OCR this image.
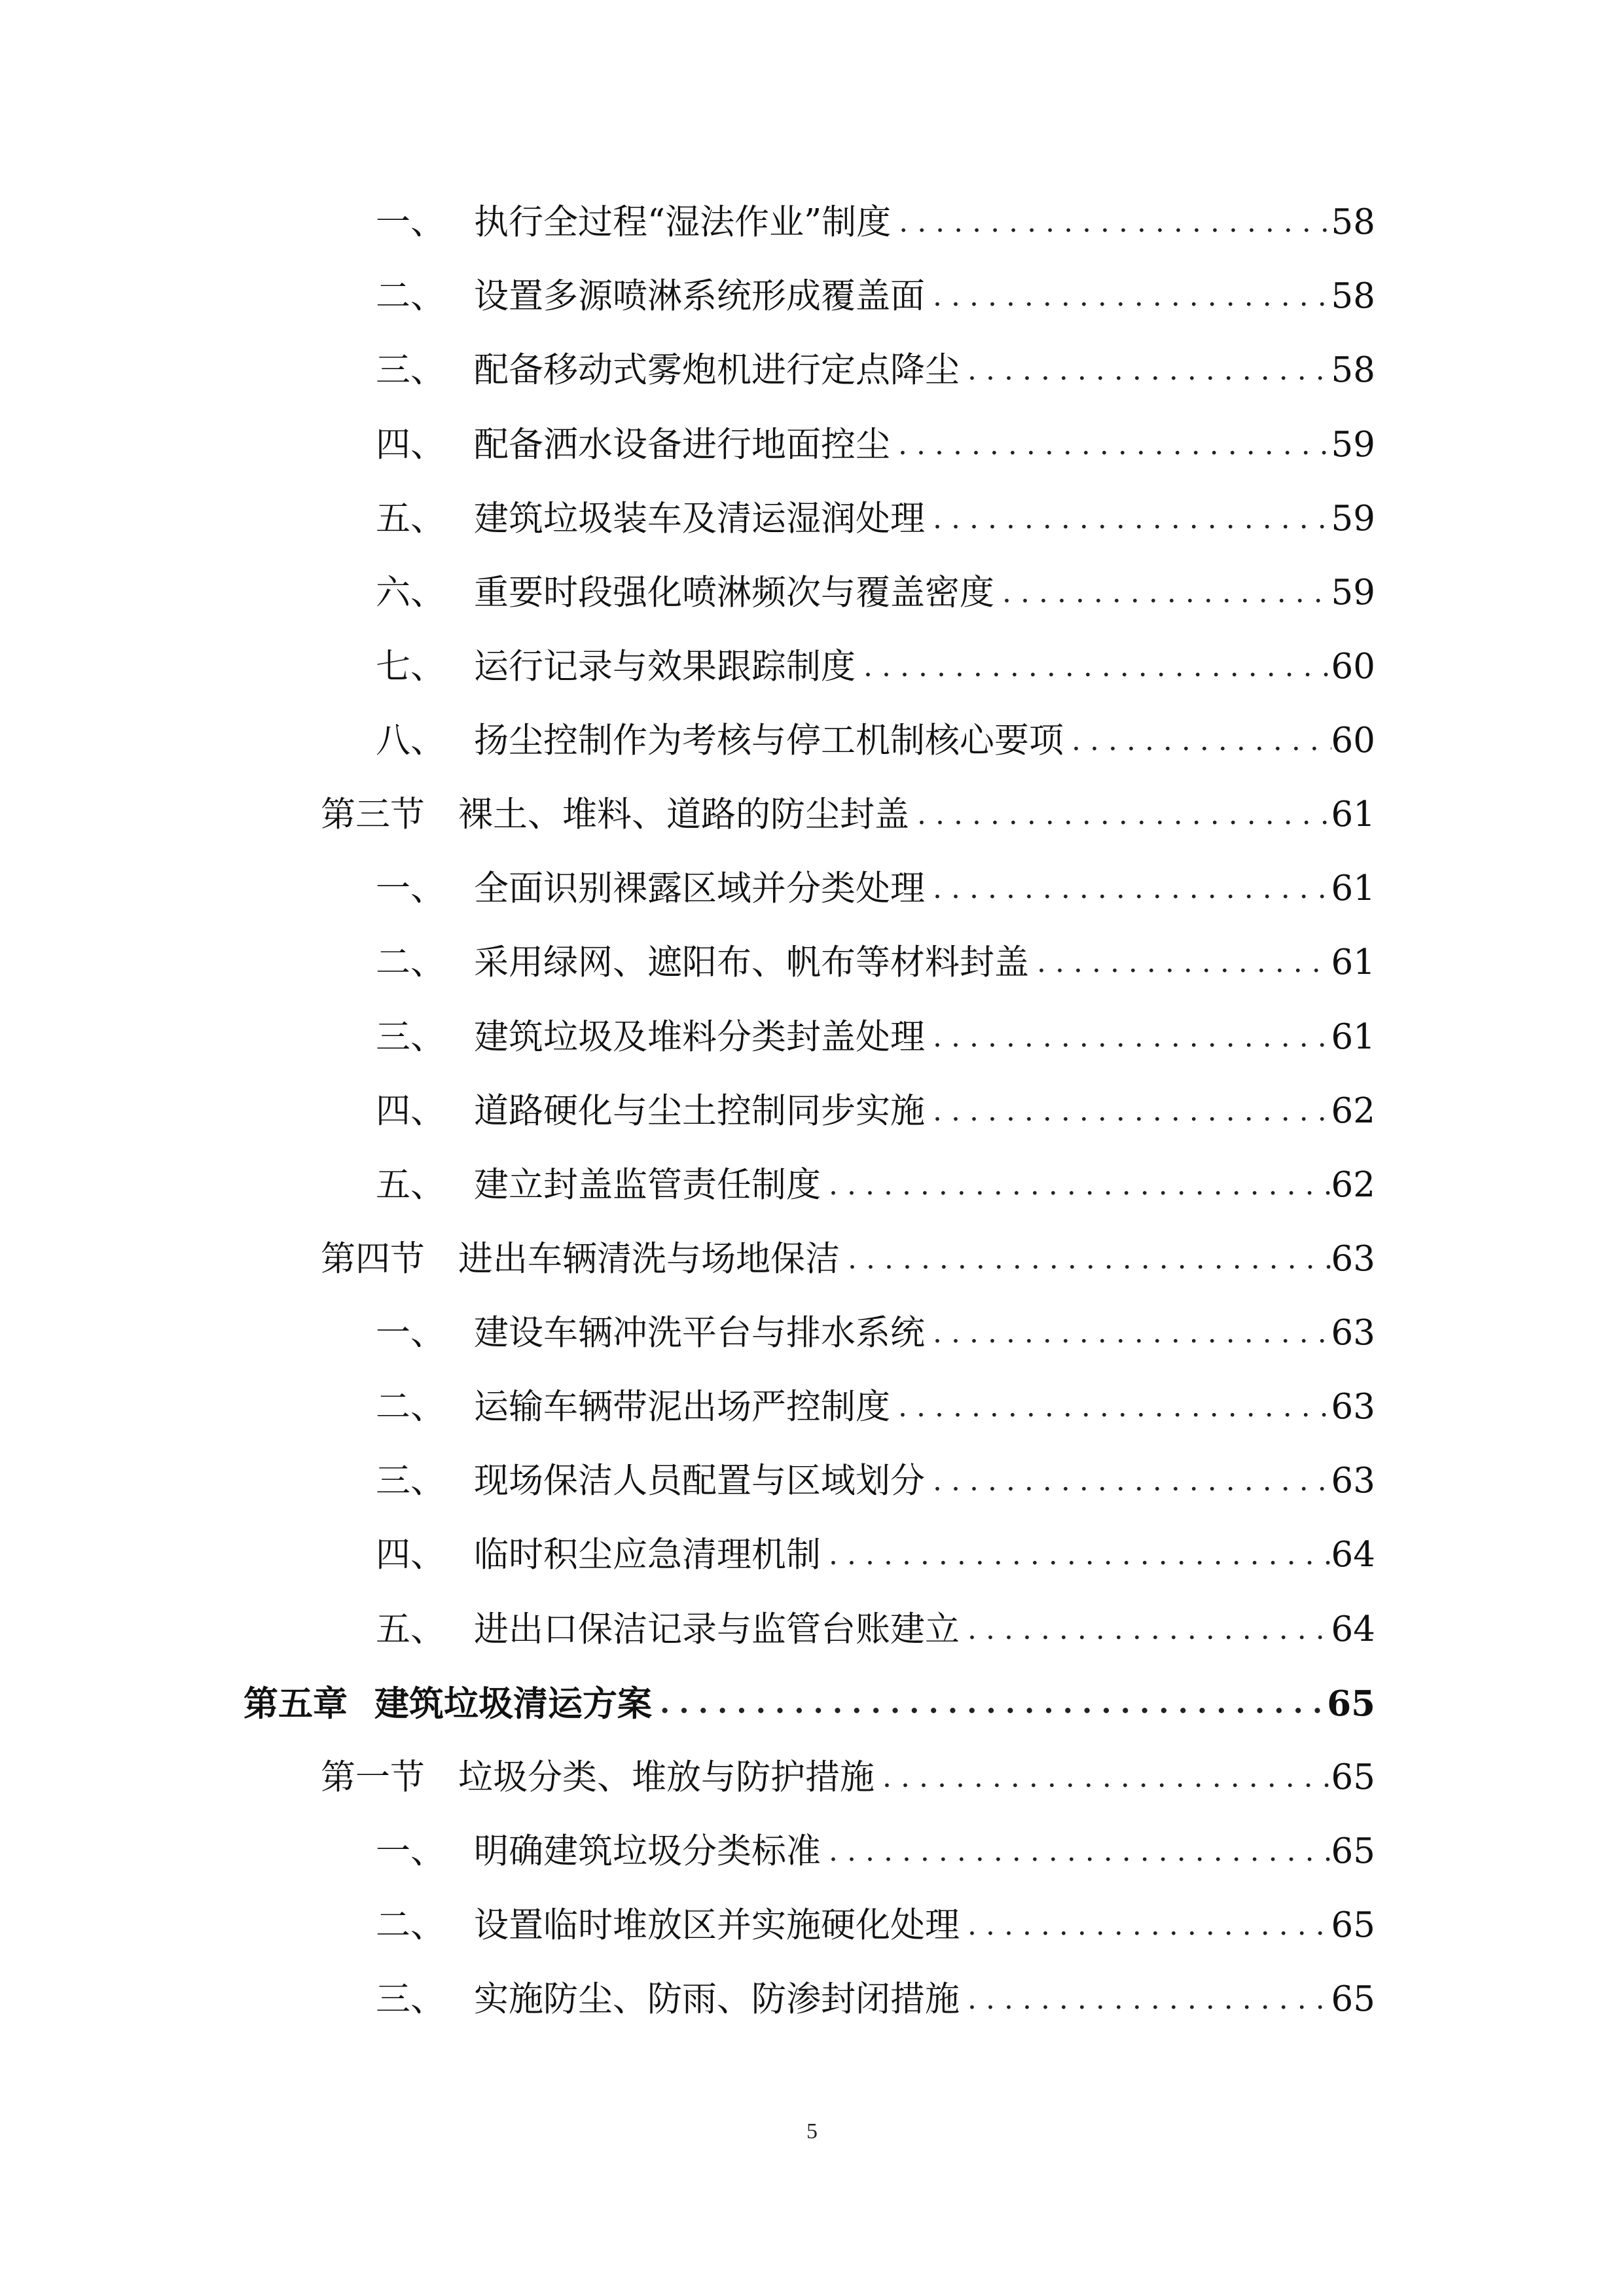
一、 执行全过程“湿法作业”制度 .....	58
二、 设置多源喷淋系统形成覆盖面 .....	58
三、 配备移动式雾炮机进行定点降尘 .....	58
四、 配备洒水设备进行地面控尘 .....	59
五、 建筑垃圾装车及清运湿润处理 .....	59
六、 重要时段强化喷淋频次与覆盖密度 .....	59
七、 运行记录与效果跟踪制度 .....	60
八、 扬尘控制作为考核与停工机制核心要项 .....	60
第三节 裸土、堆料、道路的防尘封盖 .....	61
一、 全面识别裸露区域并分类处理 .....	61
二、 采用绿网、遮阳布、帆布等材料封盖 .....	61
三、 建筑垃圾及堆料分类封盖处理 .....	61
四、 道路硬化与尘土控制同步实施 .....	62
五、 建立封盖监管责任制度 .....	62
第四节 进出车辆清洗与场地保洁 .....	63
一、 建设车辆冲洗平台与排水系统 .....	63
二、 运输车辆带泥出场严控制度 .....	63
三、 现场保洁人员配置与区域划分 .....	63
四、 临时积尘应急清理机制 .....	64
五、 进出口保洁记录与监管台账建立 .....	64
第五章 建筑垃圾清运方案 .....	65
第一节 垃圾分类、堆放与防护措施 .....	65
一、 明确建筑垃圾分类标准 .....	65
二、 设置临时堆放区并实施硬化处理 .....	65
三、 实施防尘、防雨、防渗封闭措施 .....	65
5
